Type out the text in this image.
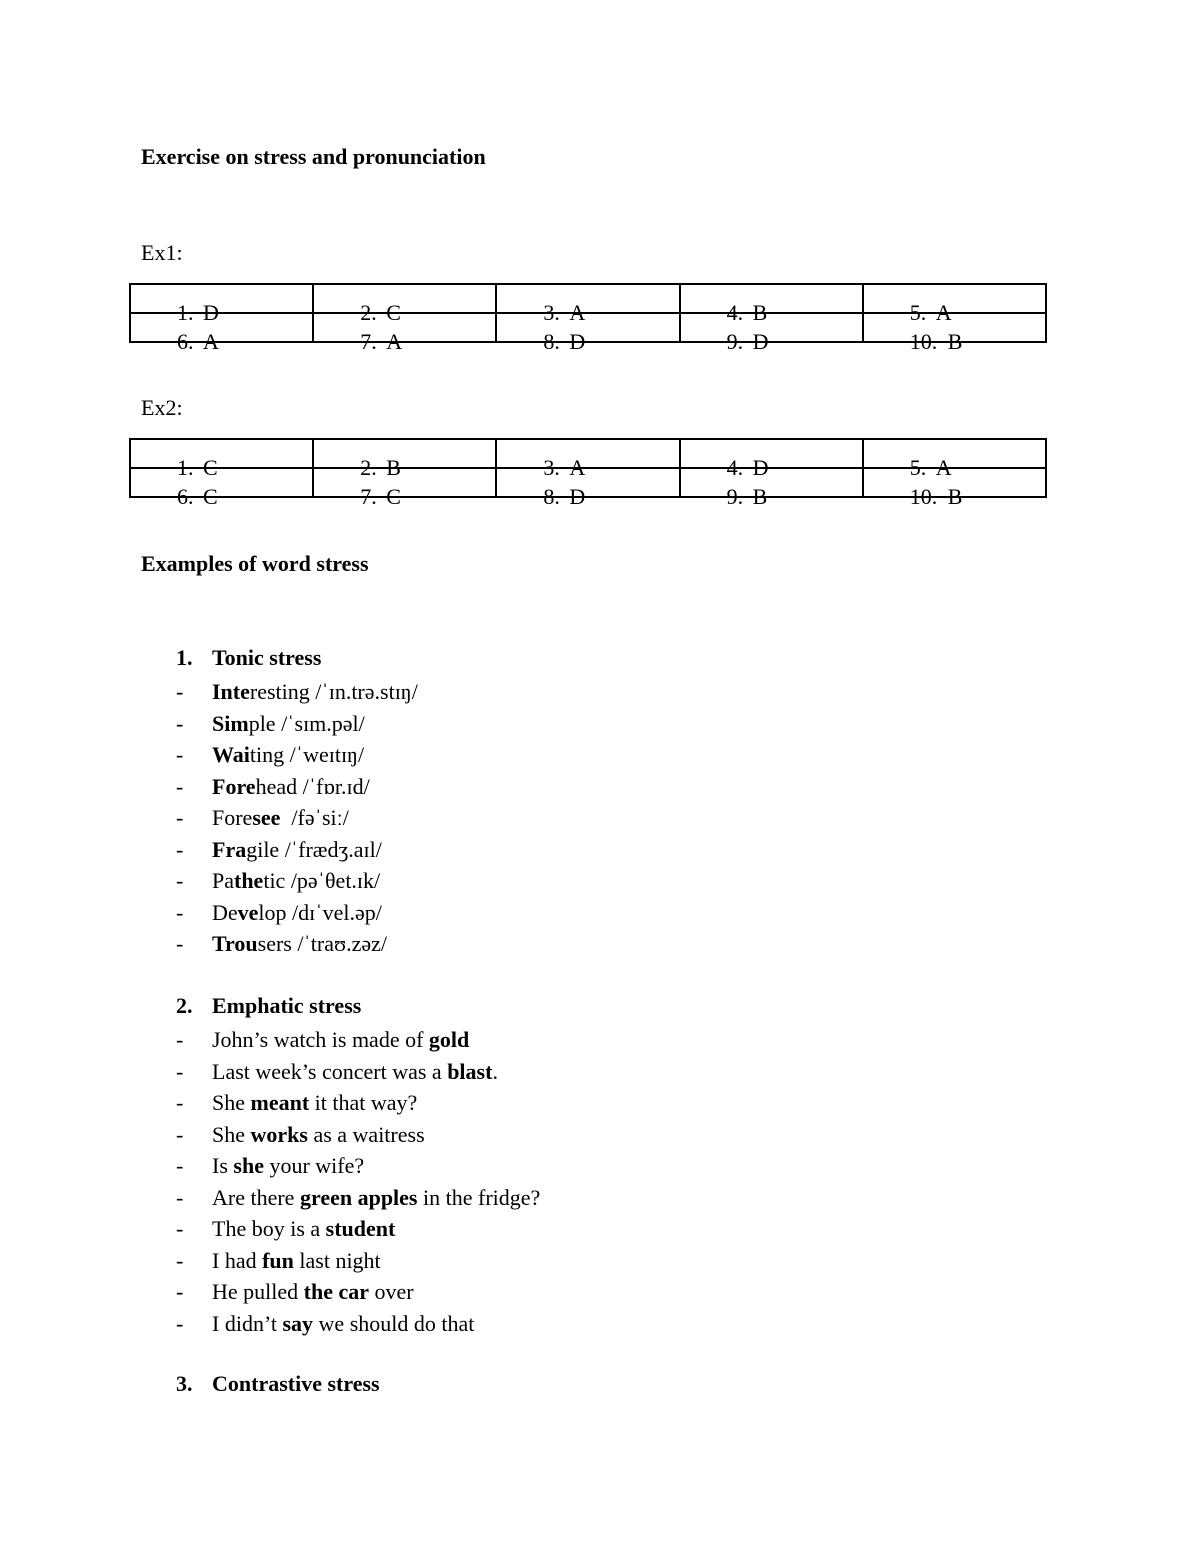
Exercise on stress and pronunciation
Ex1:
1. D	2. C	3. A	4. B	5. A

6. A	7. A	8. D	9. D	10. B
Ex2:
1. C	2. B	3. A	4. D	5. A

6. C	7. C	8. D	9. B	10. B
Examples of word stress
1. Tonic stress
- Interesting /ˈɪn.trə.stɪŋ/
- Simple /ˈsɪm.pəl/
- Waiting /ˈweɪtɪŋ/
- Forehead /ˈfɒr.ɪd/
- Foresee  /fəˈsiː/
- Fragile /ˈfrædʒ.aɪl/
- Pathetic /pəˈθet.ɪk/
- Develop /dɪˈvel.əp/
- Trousers /ˈtraʊ.zəz/
2. Emphatic stress
- John’s watch is made of gold
- Last week’s concert was a blast.
- She meant it that way?
- She works as a waitress
- Is she your wife?
- Are there green apples in the fridge?
- The boy is a student
- I had fun last night
- He pulled the car over
- I didn’t say we should do that
3. Contrastive stress
